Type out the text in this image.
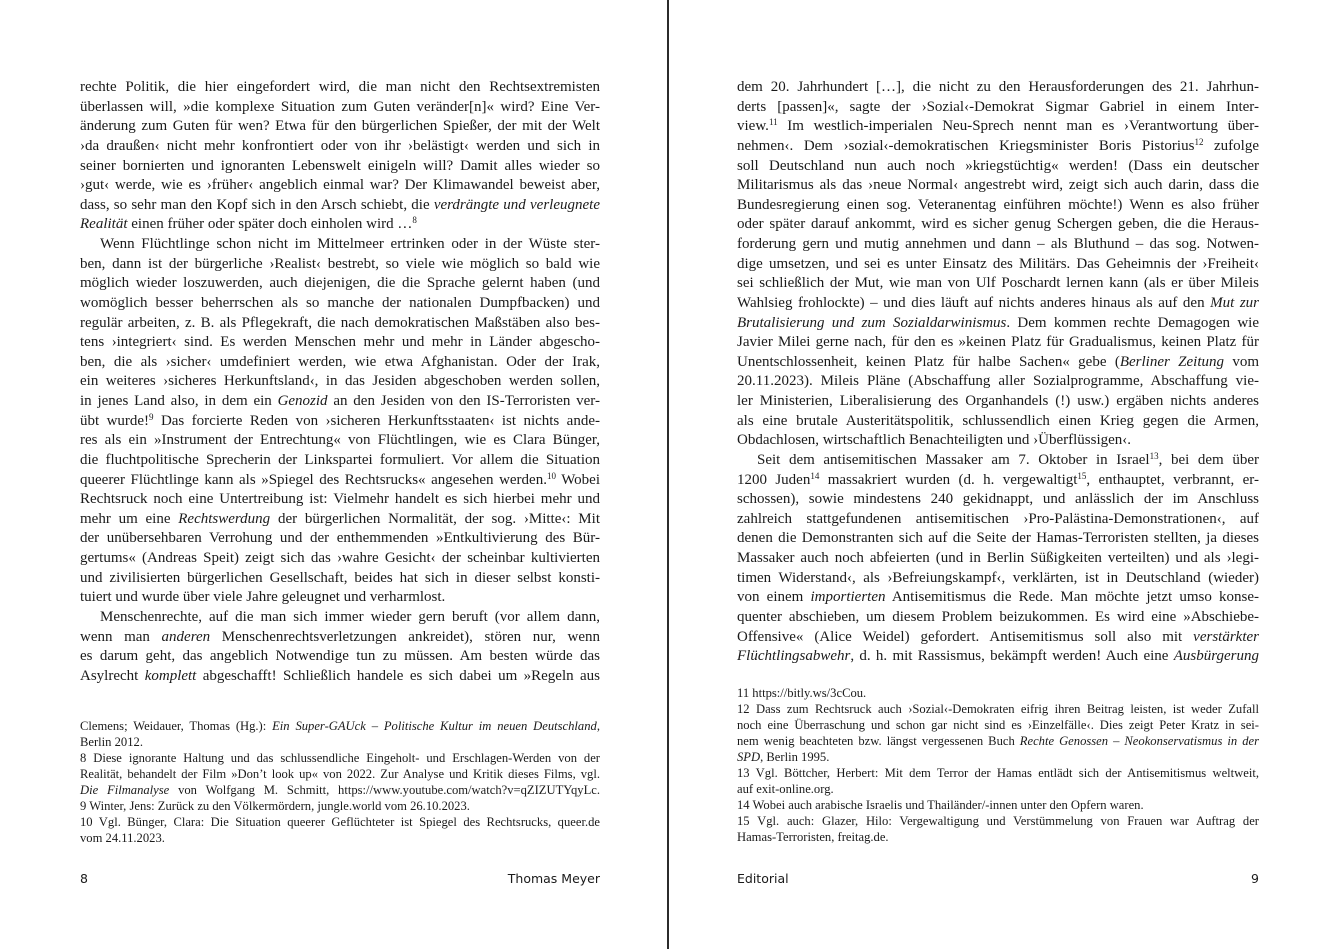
rechte Politik, die hier eingefordert wird, die man nicht den Rechtsextremisten
überlassen will, »die komplexe Situation zum Guten veränder[n]« wird? Eine Ver-
änderung zum Guten für wen? Etwa für den bürgerlichen Spießer, der mit der Welt
›da draußen‹ nicht mehr konfrontiert oder von ihr ›belästigt‹ werden und sich in
seiner bornierten und ignoranten Lebenswelt einigeln will? Damit alles wieder so
›gut‹ werde, wie es ›früher‹ angeblich einmal war? Der Klimawandel beweist aber,
dass, so sehr man den Kopf sich in den Arsch schiebt, die verdrängte und verleugnete
Realität einen früher oder später doch einholen wird …$^8$
Wenn Flüchtlinge schon nicht im Mittelmeer ertrinken oder in der Wüste ster-
ben, dann ist der bürgerliche ›Realist‹ bestrebt, so viele wie möglich so bald wie
möglich wieder loszuwerden, auch diejenigen, die die Sprache gelernt haben (und
womöglich besser beherrschen als so manche der nationalen Dumpfbacken) und
regulär arbeiten, z. B. als Pflegekraft, die nach demokratischen Maßstäben also bes-
tens ›integriert‹ sind. Es werden Menschen mehr und mehr in Länder abgescho-
ben, die als ›sicher‹ umdefiniert werden, wie etwa Afghanistan. Oder der Irak,
ein weiteres ›sicheres Herkunftsland‹, in das Jesiden abgeschoben werden sollen,
in jenes Land also, in dem ein Genozid an den Jesiden von den IS-Terroristen ver-
übt wurde!$^9$ Das forcierte Reden von ›sicheren Herkunftsstaaten‹ ist nichts ande-
res als ein »Instrument der Entrechtung« von Flüchtlingen, wie es Clara Bünger,
die fluchtpolitische Sprecherin der Linkspartei formuliert. Vor allem die Situation
queerer Flüchtlinge kann als »Spiegel des Rechtsrucks« angesehen werden.$^{10}$ Wobei
Rechtsruck noch eine Untertreibung ist: Vielmehr handelt es sich hierbei mehr und
mehr um eine Rechtswerdung der bürgerlichen Normalität, der sog. ›Mitte‹: Mit
der unübersehbaren Verrohung und der enthemmenden »Entkultivierung des Bür-
gertums« (Andreas Speit) zeigt sich das ›wahre Gesicht‹ der scheinbar kultivierten
und zivilisierten bürgerlichen Gesellschaft, beides hat sich in dieser selbst konsti-
tuiert und wurde über viele Jahre geleugnet und verharmlost.
Menschenrechte, auf die man sich immer wieder gern beruft (vor allem dann,
wenn man anderen Menschenrechtsverletzungen ankreidet), stören nur, wenn
es darum geht, das angeblich Notwendige tun zu müssen. Am besten würde das
Asylrecht komplett abgeschafft! Schließlich handele es sich dabei um »Regeln aus
Clemens; Weidauer, Thomas (Hg.): Ein Super-GAUck – Politische Kultur im neuen Deutschland,
Berlin 2012.
8 Diese ignorante Haltung und das schlussendliche Eingeholt- und Erschlagen-Werden von der
Realität, behandelt der Film »Don’t look up« von 2022. Zur Analyse und Kritik dieses Films, vgl.
Die Filmanalyse von Wolfgang M. Schmitt, https://www.youtube.com/watch?v=qZIZUTYqyLc.
9 Winter, Jens: Zurück zu den Völkermördern, jungle.world vom 26.10.2023.
10 Vgl. Bünger, Clara: Die Situation queerer Geflüchteter ist Spiegel des Rechtsrucks, queer.de
vom 24.11.2023.
8	Thomas Meyer
dem 20. Jahrhundert […], die nicht zu den Herausforderungen des 21. Jahrhun-
derts [passen]«, sagte der ›Sozial‹-Demokrat Sigmar Gabriel in einem Inter-
view.$^{11}$ Im westlich-imperialen Neu-Sprech nennt man es ›Verantwortung über-
nehmen‹. Dem ›sozial‹-demokratischen Kriegsminister Boris Pistorius$^{12}$ zufolge
soll Deutschland nun auch noch »kriegstüchtig« werden! (Dass ein deutscher
Militarismus als das ›neue Normal‹ angestrebt wird, zeigt sich auch darin, dass die
Bundesregierung einen sog. Veteranentag einführen möchte!) Wenn es also früher
oder später darauf ankommt, wird es sicher genug Schergen geben, die die Heraus-
forderung gern und mutig annehmen und dann – als Bluthund – das sog. Notwen-
dige umsetzen, und sei es unter Einsatz des Militärs. Das Geheimnis der ›Freiheit‹
sei schließlich der Mut, wie man von Ulf Poschardt lernen kann (als er über Mileis
Wahlsieg frohlockte) – und dies läuft auf nichts anderes hinaus als auf den Mut zur
Brutalisierung und zum Sozialdarwinismus. Dem kommen rechte Demagogen wie
Javier Milei gerne nach, für den es »keinen Platz für Gradualismus, keinen Platz für
Unentschlossenheit, keinen Platz für halbe Sachen« gebe (Berliner Zeitung vom
20.11.2023). Mileis Pläne (Abschaffung aller Sozialprogramme, Abschaffung vie-
ler Ministerien, Liberalisierung des Organhandels (!) usw.) ergäben nichts anderes
als eine brutale Austeritätspolitik, schlussendlich einen Krieg gegen die Armen,
Obdachlosen, wirtschaftlich Benachteiligten und ›Überflüssigen‹.
Seit dem antisemitischen Massaker am 7. Oktober in Israel$^{13}$, bei dem über
1200 Juden$^{14}$ massakriert wurden (d. h. vergewaltigt$^{15}$, enthauptet, verbrannt, er-
schossen), sowie mindestens 240 gekidnappt, und anlässlich der im Anschluss
zahlreich stattgefundenen antisemitischen ›Pro-Palästina-Demonstrationen‹, auf
denen die Demonstranten sich auf die Seite der Hamas-Terroristen stellten, ja dieses
Massaker auch noch abfeierten (und in Berlin Süßigkeiten verteilten) und als ›legi-
timen Widerstand‹, als ›Befreiungskampf‹, verklärten, ist in Deutschland (wieder)
von einem importierten Antisemitismus die Rede. Man möchte jetzt umso konse-
quenter abschieben, um diesem Problem beizukommen. Es wird eine »Abschiebe-
Offensive« (Alice Weidel) gefordert. Antisemitismus soll also mit verstärkter
Flüchtlingsabwehr, d. h. mit Rassismus, bekämpft werden! Auch eine Ausbürgerung
11 https://bitly.ws/3cCou.
12 Dass zum Rechtsruck auch ›Sozial‹-Demokraten eifrig ihren Beitrag leisten, ist weder Zufall
noch eine Überraschung und schon gar nicht sind es ›Einzelfälle‹. Dies zeigt Peter Kratz in sei-
nem wenig beachteten bzw. längst vergessenen Buch Rechte Genossen – Neokonservatismus in der
SPD, Berlin 1995.
13 Vgl. Böttcher, Herbert: Mit dem Terror der Hamas entlädt sich der Antisemitismus weltweit,
auf exit-online.org.
14 Wobei auch arabische Israelis und Thailänder/-innen unter den Opfern waren.
15 Vgl. auch: Glazer, Hilo: Vergewaltigung und Verstümmelung von Frauen war Auftrag der
Hamas-Terroristen, freitag.de.
Editorial	9
